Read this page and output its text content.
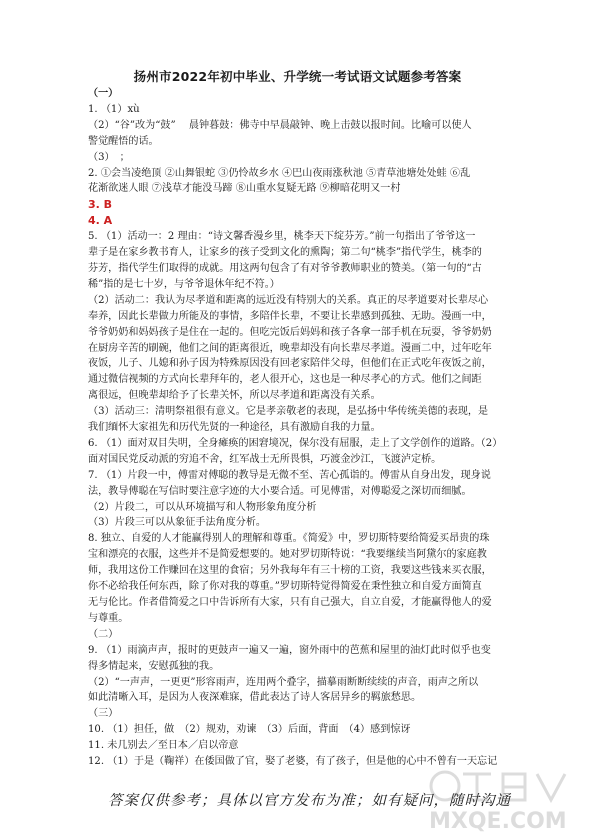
扬州市2022年初中毕业、升学统一考试语文试题参考答案

（一）

1. （1）xù

（2）“谷”改为“鼓”　 晨钟暮鼓：佛寺中早晨敲钟、晚上击鼓以报时间。比喻可以使人

警觉醒悟的话。

（3）　；

2. ①会当凌绝顶 ②山舞银蛇 ③仍怜故乡水 ④巴山夜雨涨秋池 ⑤青草池塘处处蛙 ⑥乱

花渐欲迷人眼 ⑦浅草才能没马蹄 ⑧山重水复疑无路 ⑨柳暗花明又一村

3. B

4. A

5. （1）活动一：2 理由：“诗文馨香漫乡里，桃李天下绽芬芳。”前一句指出了爷爷这一

辈子是在家乡教书育人，让家乡的孩子受到文化的熏陶；第二句“桃李”指代学生，桃李的

芬芳，指代学生们取得的成就。用这两句包含了有对爷爷教师职业的赞美。（第一句的“古

稀”指的是七十岁，与爷爷退休年纪不符。）

（2）活动二：我认为尽孝道和距离的远近没有特别大的关系。真正的尽孝道要对长辈尽心

奉养，因此长辈做力所能及的事情，多陪伴长辈，不要让长辈感到孤独、无助。漫画一中，

爷爷奶奶和妈妈孩子是住在一起的。但吃完饭后妈妈和孩子各拿一部手机在玩耍，爷爷奶奶

在厨房辛苦的刷碗，他们之间的距离很近，晚辈却没有向长辈尽孝道。漫画二中，过年吃年

夜饭，儿子、儿媳和孙子因为特殊原因没有回老家陪伴父母，但他们在正式吃年夜饭之前，

通过微信视频的方式向长辈拜年的，老人很开心，这也是一种尽孝心的方式。他们之间距

离很远，但晚辈却给予了长辈关怀，所以尽孝道和距离没有关系。

（3）活动三：清明祭祖很有意义。它是孝亲敬老的表现，是弘扬中华传统美德的表现，是

我们缅怀大家祖先和历代先贤的一种途径，具有激励自我的力量。

6. （1）面对双目失明，全身瘫痪的困窘境况，保尔没有屈服，走上了文学创作的道路。（2）

面对国民党反动派的穷追不舍，红军战士无所畏惧，巧渡金沙江，飞渡泸定桥。

7. （1）片段一中，傅雷对傅聪的教导是无微不至、苦心孤诣的。傅雷从自身出发，现身说

法，教导傅聪在写信时要注意字迹的大小要合适。可见傅雷，对傅聪爱之深切而细腻。

（2）片段二，可以从环境描写和人物形象角度分析

（3）片段三可以从象征手法角度分析。

8. 独立、自爱的人才能赢得别人的理解和尊重。《简爱》中，罗切斯特要给简爱买昂贵的珠

宝和漂亮的衣服，这些并不是简爱想要的。她对罗切斯特说：“我要继续当阿黛尔的家庭教

师，我用这份工作赚回在这里的食宿；另外我每年有三十榜的工资，我要这些钱来买衣服，

你不必给我任何东西，除了你对我的尊重。”罗切斯特觉得简爱在秉性独立和自爱方面简直

无与伦比。作者借简爱之口中告诉所有大家，只有自己强大，自立自爱，才能赢得他人的爱

与尊重。

（二）

9. （1）雨滴声声，报时的更鼓声一遍又一遍，窗外雨中的芭蕉和屋里的油灯此时似乎也变

得多情起来，安慰孤独的我。

（2）“一声声，一更更”形容雨声，连用两个叠字，描摹雨断断续续的声音，雨声之所以

如此清晰入耳，是因为人夜深难寐，借此表达了诗人客居异乡的羁旅愁思。

（三）

10. （1）担任，做　（2）规劝，劝谏　（3）后面，背面　（4）感到惊讶

11. 未几别去／至日本／启以帝意

12. （1）于是（鞠祥）在倭国做了官，娶了老婆，有了孩子，但是他的心中不曾有一天忘记

答案仅供参考；具体以官方发布为准；如有疑问，随时沟通
MXQE.COM
